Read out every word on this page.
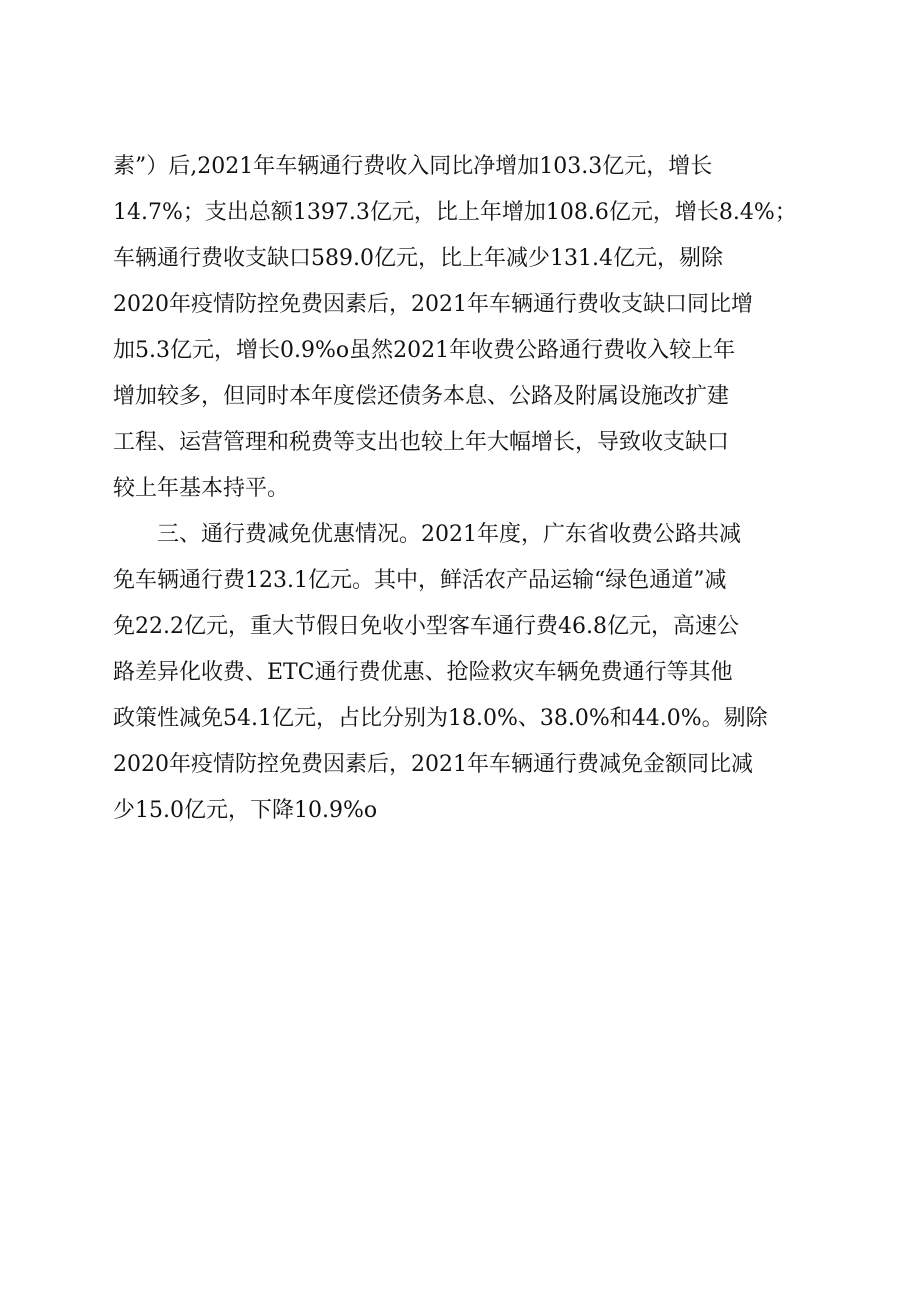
素”）后,2021年车辆通行费收入同比净增加103.3亿元，增长
14.7%；支出总额1397.3亿元，比上年增加108.6亿元，增长8.4%；
车辆通行费收支缺口589.0亿元，比上年减少131.4亿元，剔除
2020年疫情防控免费因素后，2021年车辆通行费收支缺口同比增
加5.3亿元，增长0.9%o虽然2021年收费公路通行费收入较上年
增加较多，但同时本年度偿还债务本息、公路及附属设施改扩建
工程、运营管理和税费等支出也较上年大幅增长，导致收支缺口
较上年基本持平。
三、通行费减免优惠情况。2021年度，广东省收费公路共减
免车辆通行费123.1亿元。其中，鲜活农产品运输“绿色通道”减
免22.2亿元，重大节假日免收小型客车通行费46.8亿元，高速公
路差异化收费、ETC通行费优惠、抢险救灾车辆免费通行等其他
政策性减免54.1亿元，占比分别为18.0%、38.0%和44.0%。剔除
2020年疫情防控免费因素后，2021年车辆通行费减免金额同比减
少15.0亿元，下降10.9%o
